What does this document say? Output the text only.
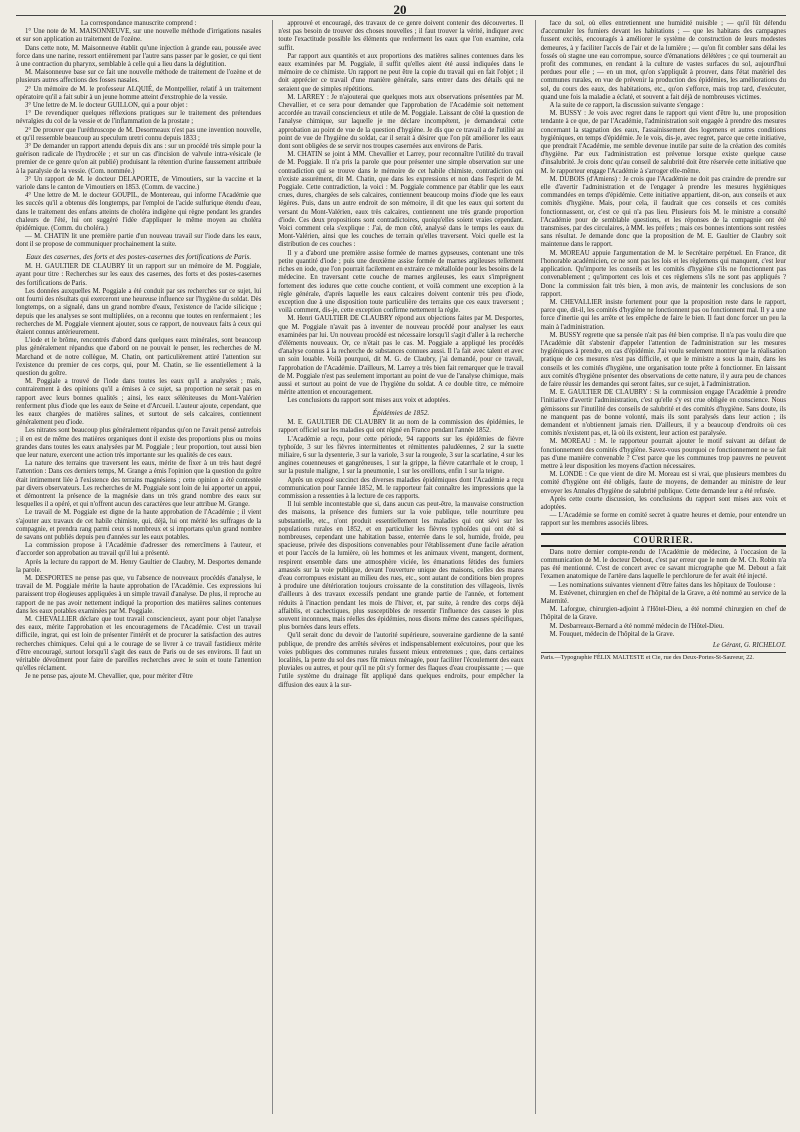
20

La correspondance manuscrite comprend :

1° Une note de M. MAISONNEUVE, sur une nouvelle méthode d'irrigations nasales et sur son application au traitement de l'ozène.

Dans cette note, M. Maisonneuve établit qu'une injection à grande eau, poussée avec force dans une narine, ressort entièrement par l'autre sans passer par le gosier, ce qui tient à une contraction du pharynx, semblable à celle qui a lieu dans la déglutition.

M. Maisonneuve base sur ce fait une nouvelle méthode de traitement de l'ozène et de plusieurs autres affections des fosses nasales.

2° Un mémoire de M. le professeur ALQUIÉ, de Montpellier, relatif à un traitement opératoire qu'il a fait subir à un jeune homme atteint d'exstrophie de la vessie.

3° Une lettre de M. le docteur GUILLON, qui a pour objet :

1° De revendiquer quelques réflexions pratiques sur le traitement des prétendues névralgies du col de la vessie et de l'inflammation de la prostate ;

2° De prouver que l'uréthroscope de M. Desormeaux n'est pas une invention nouvelle, et qu'il ressemble beaucoup au speculum uretri connu depuis 1833 ;

3° De demander un rapport attendu depuis dix ans : sur un procédé très simple pour la guérison radicale de l'hydrocèle ; et sur un cas d'incision de valvule intra-vésicale (le premier de ce genre qu'on ait publié) produisant la rétention d'urine faussement attribuée à la paralysie de la vessie. (Com. nommée.)

3° Un rapport de M. le docteur DELAPORTE, de Vimoutiers, sur la vaccine et la variole dans le canton de Vimoutiers en 1853. (Comm. de vaccine.)

4° Une lettre de M. le docteur GOUPIL, de Montereau, qui informe l'Académie que les succès qu'il a obtenus dès longtemps, par l'emploi de l'acide sulfurique étendu d'eau, dans le traitement des enfans atteints de choléra indigène qui règne pendant les grandes chaleurs de l'été, lui ont suggéré l'idée d'appliquer le même moyen au choléra épidémique. (Comm. du choléra.)

— M. CHATIN lit une première partie d'un nouveau travail sur l'iode dans les eaux, dont il se propose de communiquer prochainement la suite.

Eaux des casernes, des forts et des postes-casernes des fortifications de Paris.

M. H. GAULTIER DE CLAUBRY lit un rapport sur un mémoire de M. Poggiale, ayant pour titre : Recherches sur les eaux des casernes, des forts et des postes-casernes des fortifications de Paris.

Les données auxquelles M. Poggiale a été conduit par ses recherches sur ce sujet, lui ont fourni des résultats qui exerceront une heureuse influence sur l'hygiène du soldat. Dès longtemps, on a signalé, dans un grand nombre d'eaux, l'existence de l'acide silicique ; depuis que les analyses se sont multipliées, on a reconnu que toutes en renfermaient ; les recherches de M. Poggiale viennent ajouter, sous ce rapport, de nouveaux faits à ceux qui étaient connus antérieurement.

L'iode et le brôme, rencontrés d'abord dans quelques eaux minérales, sont beaucoup plus généralement répandus que d'abord on ne pouvait le penser, les recherches de M. Marchand et de notre collègue, M. Chatin, ont particulièrement attiré l'attention sur l'existence du premier de ces corps, qui, pour M. Chatin, se lie essentiellement à la question du goître.

M. Poggiale a trouvé de l'iode dans toutes les eaux qu'il a analysées ; mais, contrairement à des opinions qu'il a émises à ce sujet, sa proportion ne serait pas en rapport avec leurs bonnes qualités ; ainsi, les eaux séléniteuses du Mont-Valérien renferment plus d'iode que les eaux de Seine et d'Arcueil. L'auteur ajoute, cependant, que les eaux chargées de matières salines, et surtout de sels calcaires, contiennent généralement peu d'iode.

Les nitrates sont beaucoup plus généralement répandus qu'on ne l'avait pensé autrefois ; il en est de même des matières organiques dont il existe des proportions plus ou moins grandes dans toutes les eaux analysées par M. Poggiale ; leur proportion, tout aussi bien que leur nature, exercent une action très importante sur les qualités de ces eaux.

La nature des terrains que traversent les eaux, mérite de fixer à un très haut degré l'attention : Dans ces derniers temps, M. Grange a émis l'opinion que la question du goître était intimement liée à l'existence des terrains magnésiens ; cette opinion a été contestée par divers observateurs. Les recherches de M. Poggiale sont loin de lui apporter un appui, et démontrent la présence de la magnésie dans un très grand nombre des eaux sur lesquelles il a opéré, et qui n'offrent aucun des caractères que leur attribue M. Grange.

Le travail de M. Poggiale est digne de la haute approbation de l'Académie ; il vient s'ajouter aux travaux de cet habile chimiste, qui, déjà, lui ont mérité les suffrages de la compagnie, et prendra rang parmi ceux si nombreux et si importans qu'un grand nombre de savans ont publiés depuis peu d'années sur les eaux potables.

La commission propose à l'Académie d'adresser des remercîmens à l'auteur, et d'accorder son approbation au travail qu'il lui a présenté.

Après la lecture du rapport de M. Henry Gaultier de Claubry, M. Desportes demande la parole.

M. DESPORTES ne pense pas que, vu l'absence de nouveaux procédés d'analyse, le travail de M. Poggiale mérite la haute approbation de l'Académie. Ces expressions lui paraissent trop élogieuses appliquées à un simple travail d'analyse. De plus, il reproche au rapport de ne pas avoir nettement indiqué la proportion des matières salines contenues dans les eaux potables examinées par M. Poggiale.

M. CHEVALLIER déclare que tout travail consciencieux, ayant pour objet l'analyse des eaux, mérite l'approbation et les encouragemens de l'Académie. C'est un travail difficile, ingrat, qui est loin de présenter l'intérêt et de procurer la satisfaction des autres recherches chimiques. Celui qui a le courage de se livrer à ce travail fastidieux mérite d'être encouragé, surtout lorsqu'il s'agit des eaux de Paris ou de ses environs. Il faut un véritable dévoûment pour faire de pareilles recherches avec le soin et toute l'attention qu'elles réclament.

Je ne pense pas, ajoute M. Chevallier, que, pour mériter d'être

approuvé et encouragé, des travaux de ce genre doivent contenir des découvertes. Il n'est pas besoin de trouver des choses nouvelles ; il faut trouver la vérité, indiquer avec toute l'exactitude possible les éléments que renferment les eaux que l'on examine, cela suffit.

Par rapport aux quantités et aux proportions des matières salines contenues dans les eaux examinées par M. Poggiale, il suffit qu'elles aient été aussi indiquées dans le mémoire de ce chimiste. Un rapport ne peut être la copie du travail qui en fait l'objet ; il doit apprécier ce travail d'une manière générale, sans entrer dans des détails qui ne seraient que de simples répétitions.

M. LARREY : Je n'ajouterai que quelques mots aux observations présentées par M. Chevallier, et ce sera pour demander que l'approbation de l'Académie soit nettement accordée au travail consciencieux et utile de M. Poggiale. Laissant de côté la question de l'analyse chimique, sur laquelle je me déclare incompétent, je demanderai cette approbation au point de vue de la question d'hygiène. Je dis que ce travail a de l'utilité au point de vue de l'hygiène du soldat, car il serait à désirer que l'on pût améliorer les eaux dont sont obligées de se servir nos troupes casernées aux environs de Paris.

M. CHATIN se joint à MM. Chevallier et Larrey, pour reconnaître l'utilité du travail de M. Poggiale. Il n'a pris la parole que pour présenter une simple observation sur une contradiction qui se trouve dans le mémoire de cet habile chimiste, contradiction qui n'existe assurément, dit M. Chatin, que dans les expressions et non dans l'esprit de M. Poggiale. Cette contradiction, la voici : M. Poggiale commence par établir que les eaux crues, dures, chargées de sels calcaires, contiennent beaucoup moins d'iode que les eaux légères. Puis, dans un autre endroit de son mémoire, il dit que les eaux qui sortent du versant du Mont-Valérien, eaux très calcaires, contiennent une très grande proportion d'iode. Ces deux propositions sont contradictoires, quoiqu'elles soient vraies cependant. Voici comment cela s'explique : J'ai, de mon côté, analysé dans le temps les eaux du Mont-Valérien, ainsi que les couches de terrain qu'elles traversent. Voici quelle est la distribution de ces couches :

Il y a d'abord une première assise formée de marnes gypseuses, contenant une très petite quantité d'iode ; puis une deuxième assise formée de marnes argileuses tellement riches en iode, que l'on pourrait facilement en extraire ce métalloïde pour les besoins de la médecine. En traversant cette couche de marnes argileuses, les eaux s'imprègnent fortement des iodures que cette couche contient, et voilà comment une exception à la règle générale, d'après laquelle les eaux calcaires doivent contenir très peu d'iode, exception due à une disposition toute particulière des terrains que ces eaux traversent ; voilà comment, dis-je, cette exception confirme nettement la règle.

M. Henri GAULTIER DE CLAUBRY répond aux objections faites par M. Desportes, que M. Poggiale n'avait pas à inventer de nouveau procédé pour analyser les eaux examinées par lui. Un nouveau procédé est nécessaire lorsqu'il s'agit d'aller à la recherche d'éléments nouveaux. Or, ce n'était pas le cas. M. Poggiale a appliqué les procédés d'analyse connus à la recherche de substances connues aussi. Il l'a fait avec talent et avec un soin louable. Voilà pourquoi, dit M. G. de Claubry, j'ai demandé, pour ce travail, l'approbation de l'Académie. D'ailleurs, M. Larrey a très bien fait remarquer que le travail de M. Poggiale n'est pas seulement important au point de vue de l'analyse chimique, mais aussi et surtout au point de vue de l'hygiène du soldat. A ce double titre, ce mémoire mérite attention et encouragement.

Les conclusions du rapport sont mises aux voix et adoptées.

Épidémies de 1852.

M. E. GAULTIER DE CLAUBRY lit au nom de la commission des épidémies, le rapport officiel sur les maladies qui ont régné en France pendant l'année 1852.

L'Académie a reçu, pour cette période, 94 rapports sur les épidémies de fièvre typhoïde, 3 sur les fièvres intermittentes et rémittentes paludéennes, 2 sur la suette miliaire, 6 sur la dysenterie, 3 sur la variole, 3 sur la rougeole, 3 sur la scarlatine, 4 sur les angines couenneuses et gangréneuses, 1 sur la grippe, la fièvre catarrhale et le croup, 1 sur la pustule maligne, 1 sur la pneumonie, 1 sur les oreillons, enfin 1 sur la teigne.

Après un exposé succinct des diverses maladies épidémiques dont l'Académie a reçu communication pour l'année 1852, M. le rapporteur fait connaître les impressions que la commission a ressenties à la lecture de ces rapports.

Il lui semble incontestable que si, dans aucun cas peut-être, la mauvaise construction des maisons, la présence des fumiers sur la voie publique, telle nourriture peu substantielle, etc., n'ont produit essentiellement les maladies qui ont sévi sur les populations rurales en 1852, et en particulier les fièvres typhoïdes qui ont été si nombreuses, cependant une habitation basse, enterrée dans le sol, humide, froide, peu spacieuse, privée des dispositions convenables pour l'établissement d'une facile aération et pour l'accès de la lumière, où les hommes et les animaux vivent, mangent, dorment, respirent ensemble dans une atmosphère viciée, les émanations fétides des fumiers amassés sur la voie publique, devant l'ouverture unique des maisons, celles des mares d'eau corrompues existant au milieu des rues, etc., sont autant de conditions bien propres à produire une détérioration toujours croissante de la constitution des villageois, livrés d'ailleurs à des travaux excessifs pendant une grande partie de l'année, et fortement réduits à l'inaction pendant les mois de l'hiver, et, par suite, à rendre des corps déjà affaiblis, et cachectiques, plus susceptibles de ressentir l'influence des causes le plus souvent inconnues, mais réelles des épidémies, nous disons même des causes spécifiques, plus bornées dans leurs effets.

Qu'il serait donc du devoir de l'autorité supérieure, souveraine gardienne de la santé publique, de prendre des arrêtés sévères et indispensablement exécutoires, pour que les voies publiques des communes rurales fussent mieux entretenues ; que, dans certaines localités, la pente du sol des rues fût mieux ménagée, pour faciliter l'écoulement des eaux pluviales ou autres, et pour qu'il ne pût s'y former des flaques d'eau croupissante ; — que l'utile système du drainage fût appliqué dans quelques endroits, pour empêcher la diffusion des eaux à la sur-

face du sol, où elles entretiennent une humidité nuisible ; — qu'il fût défendu d'accumuler les fumiers devant les habitations ; — que les habitans des campagnes fussent excités, encouragés à améliorer le système de construction de leurs modestes demeures, à y faciliter l'accès de l'air et de la lumière ; — qu'on fit combler sans délai les fossés où stagne une eau corrompue, source d'émanations délétères ; ce qui tournerait au profit des communes, en rendant à la culture de vastes surfaces du sol, aujourd'hui perdues pour elle ; — en un mot, qu'on s'appliquât à prouver, dans l'état matériel des communes rurales, en vue de prévenir la production des épidémies, les améliorations du sol, du cours des eaux, des habitations, etc., qu'on s'efforce, mais trop tard, d'exécuter, quand une fois la maladie a éclaté, et souvent a fait déjà de nombreuses victimes.

A la suite de ce rapport, la discussion suivante s'engage :

M. BUSSY : Je vois avec regret dans le rapport qui vient d'être lu, une proposition tendante à ce que, de par l'Académie, l'administration soit engagée à prendre des mesures concernant la stagnation des eaux, l'assainissement des logemens et autres conditions hygiéniques, en temps d'épidémie. Je le vois, dis-je, avec regret, parce que cette initiative, que prendrait l'Académie, me semble devenue inutile par suite de la création des comités d'hygiène. Par eux l'administration est prévenue lorsque existe quelque cause d'insalubrité. Je crois donc qu'au conseil de salubrité doit être réservée cette initiative que M. le rapporteur engage l'Académie à s'arroger elle-même.

M. DUBOIS (d'Amiens) : Je crois que l'Académie ne doit pas craindre de prendre sur elle d'avertir l'administration et de l'engager à prendre les mesures hygiéniques commandées en temps d'épidémie. Cette initiative appartient, dit-on, aux conseils et aux comités d'hygiène. Mais, pour cela, il faudrait que ces conseils et ces comités fonctionnassent, or, c'est ce qui n'a pas lieu. Plusieurs fois M. le ministre a consulté l'Académie pour de semblable questions, et les réponses de la compagnie ont été transmises, par des circulaires, à MM. les préfets ; mais ces bonnes intentions sont restées sans résultat. Je demande donc que la proposition de M. E. Gaultier de Claubry soit maintenue dans le rapport.

M. MOREAU appuie l'argumentation de M. le Secrétaire perpétuel. En France, dit l'honorable académicien, ce ne sont pas les lois et les règlemens qui manquent, c'est leur application. Qu'importe les conseils et les comités d'hygiène s'ils ne fonctionnent pas convenablement ; qu'importent ces lois et ces règlemens s'ils ne sont pas appliqués ? Donc la commission fait très bien, à mon avis, de maintenir les conclusions de son rapport.

M. CHEVALLIER insiste fortement pour que la proposition reste dans le rapport, parce que, dit-il, les comités d'hygiène ne fonctionnent pas ou fonctionnent mal. Il y a une force d'inertie qui les arrête et les empêche de faire le bien. Il faut donc forcer un peu la main à l'administration.

M. BUSSY regrette que sa pensée n'ait pas été bien comprise. Il n'a pas voulu dire que l'Académie dût s'abstenir d'appeler l'attention de l'administration sur les mesures hygiéniques à prendre, en cas d'épidémie. J'ai voulu seulement montrer que la réalisation pratique de ces mesures n'est pas difficile, et que le ministre a sous la main, dans les conseils et les comités d'hygiène, une organisation toute prête à fonctionner. En laissant aux comités d'hygiène présenter des observations de cette nature, il y aura peu de chances de faire réussir les demandes qui seront faites, sur ce sujet, à l'administration.

M. E. GAULTIER DE CLAUBRY : Si la commission engage l'Académie à prendre l'initiative d'avertir l'administration, c'est qu'elle s'y est crue obligée en conscience. Nous gémissons sur l'inutilité des conseils de salubrité et des comités d'hygiène. Sans doute, ils ne manquent pas de bonne volonté, mais ils sont paralysés dans leur action ; ils demandent et n'obtiennent jamais rien. D'ailleurs, il y a beaucoup d'endroits où ces comités n'existent pas, et, là où ils existent, leur action est paralysée.

M. MOREAU : M. le rapporteur pourrait ajouter le motif suivant au défaut de fonctionnement des comités d'hygiène. Savez-vous pourquoi ce fonctionnement ne se fait pas d'une manière convenable ? C'est parce que les communes trop pauvres ne peuvent mettre à leur disposition les moyens d'action nécessaires.

M. LONDE : Ce que vient de dire M. Moreau est si vrai, que plusieurs membres du comité d'hygiène ont été obligés, faute de moyens, de demander au ministre de leur envoyer les Annales d'hygiène de salubrité publique. Cette demande leur a été refusée.

Après cette courte discussion, les conclusions du rapport sont mises aux voix et adoptées.

— L'Académie se forme en comité secret à quatre heures et demie, pour entendre un rapport sur les membres associés libres.

COURRIER.

Dans notre dernier compte-rendu de l'Académie de médecine, à l'occasion de la communication de M. le docteur Debout, c'est par erreur que le nom de M. Ch. Robin n'a pas été mentionné. C'est de concert avec ce savant micrographe que M. Debout a fait l'examen anatomique de l'artère dans laquelle le perchlorure de fer avait été injecté.

— Les nominations suivantes viennent d'être faites dans les hôpitaux de Toulouse :

M. Estévenet, chirurgien en chef de l'hôpital de la Grave, a été nommé au service de la Maternité.

M. Laforgue, chirurgien-adjoint à l'Hôtel-Dieu, a été nommé chirurgien en chef de l'hôpital de la Grave.

M. Desbarreaux-Bernard a été nommé médecin de l'Hôtel-Dieu.

M. Fouquet, médecin de l'hôpital de la Grave.

Le Gérant, G. RICHELOT.

Paris.—Typographie FÉLIX MALTESTE et Cie, rue des Deux-Portes-St-Sauveur, 22.
